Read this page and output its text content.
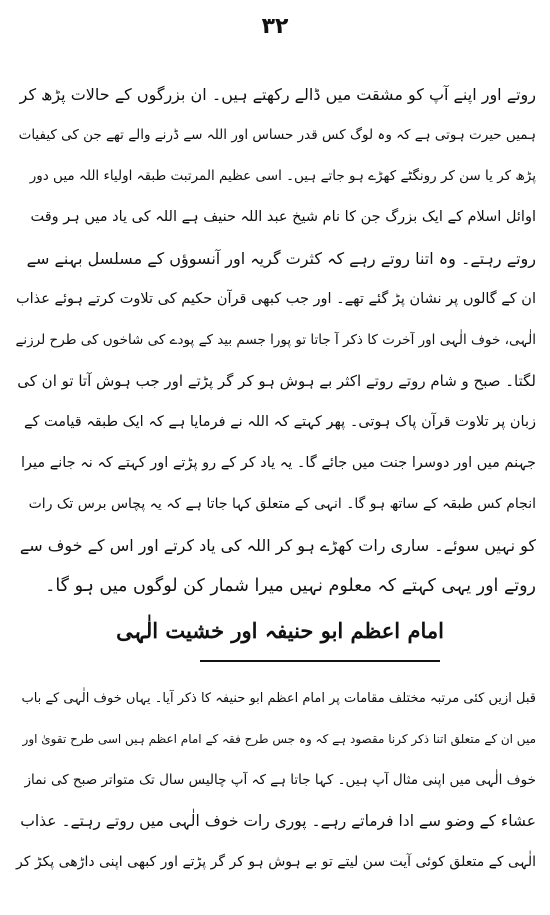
۳۲

روتے اور اپنے آپ کو مشقت میں ڈالے رکھتے ہیں۔ ان بزرگوں کے حالات پڑھ کر

ہمیں حیرت ہوتی ہے کہ وہ لوگ کس قدر حساس اور اللہ سے ڈرنے والے تھے جن کی کیفیات

پڑھ کر یا سن کر رونگٹے کھڑے ہو جاتے ہیں۔ اسی عظیم المرتبت طبقہ اولیاء اللہ میں دور

اوائل اسلام کے ایک بزرگ جن کا نام شیخ عبد اللہ حنیف ہے اللہ کی یاد میں ہر وقت

روتے رہتے۔ وہ اتنا روتے رہے کہ کثرت گریہ اور آنسوؤں کے مسلسل بہنے سے

ان کے گالوں پر نشان پڑ گئے تھے۔ اور جب کبھی قرآن حکیم کی تلاوت کرتے ہوئے عذاب

الٰہی، خوف الٰہی اور آخرت کا ذکر آ جاتا تو پورا جسم بید کے پودے کی شاخوں کی طرح لرزنے

لگتا۔ صبح و شام روتے روتے اکثر بے ہوش ہو کر گر پڑتے اور جب ہوش آتا تو ان کی

زبان پر تلاوت قرآن پاک ہوتی۔ پھر کہتے کہ اللہ نے فرمایا ہے کہ ایک طبقہ قیامت کے

جہنم میں اور دوسرا جنت میں جائے گا۔ یہ یاد کر کے رو پڑتے اور کہتے کہ نہ جانے میرا

انجام کس طبقہ کے ساتھ ہو گا۔ انہی کے متعلق کہا جاتا ہے کہ یہ پچاس برس تک رات

کو نہیں سوئے۔ ساری رات کھڑے ہو کر اللہ کی یاد کرتے اور اس کے خوف سے

روتے اور یہی کہتے کہ معلوم نہیں میرا شمار کن لوگوں میں ہو گا۔

امام اعظم ابو حنیفہ اور خشیت الٰہی

قبل ازیں کئی مرتبہ مختلف مقامات پر امام اعظم ابو حنیفہ کا ذکر آیا۔ یہاں خوف الٰہی کے باب

میں ان کے متعلق اتنا ذکر کرنا مقصود ہے کہ وہ جس طرح فقہ کے امام اعظم ہیں اسی طرح تقویٰ اور

خوف الٰہی میں اپنی مثال آپ ہیں۔ کہا جاتا ہے کہ آپ چالیس سال تک متواتر صبح کی نماز

عشاء کے وضو سے ادا فرماتے رہے۔ پوری رات خوف الٰہی میں روتے رہتے۔ عذاب

الٰہی کے متعلق کوئی آیت سن لیتے تو بے ہوش ہو کر گر پڑتے اور کبھی اپنی داڑھی پکڑ کر
